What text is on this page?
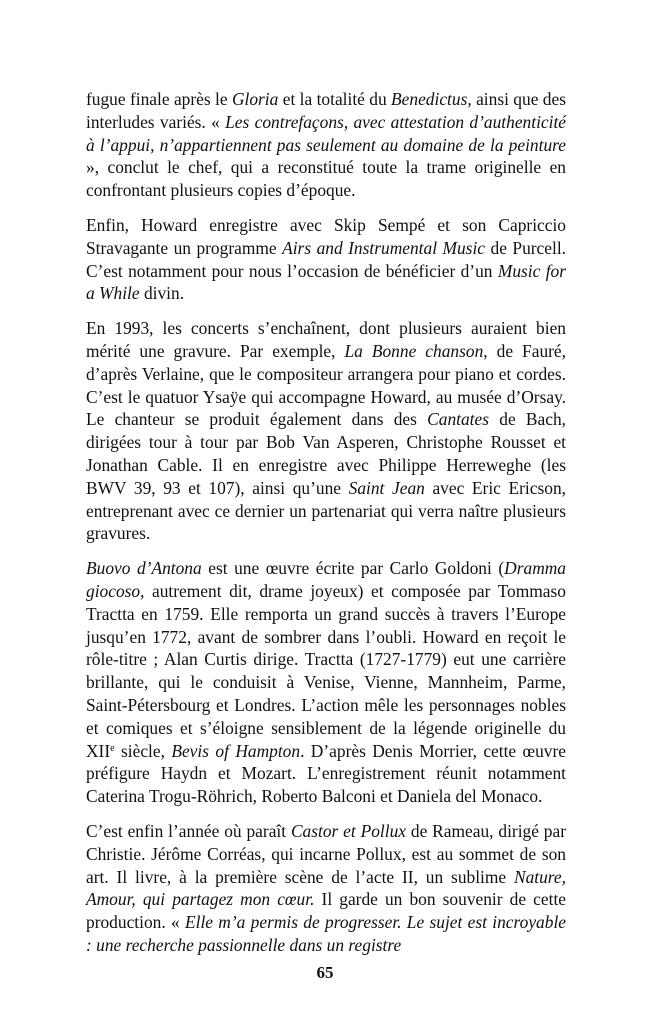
fugue finale après le Gloria et la totalité du Benedictus, ainsi que des interludes variés. « Les contrefaçons, avec attestation d’authenticité à l’appui, n’appartiennent pas seulement au domaine de la peinture », conclut le chef, qui a reconstitué toute la trame originelle en confrontant plusieurs copies d’époque.

Enfin, Howard enregistre avec Skip Sempé et son Capriccio Stravagante un programme Airs and Instrumental Music de Purcell. C’est notamment pour nous l’occasion de bénéficier d’un Music for a While divin.

En 1993, les concerts s’enchaînent, dont plusieurs auraient bien mérité une gravure. Par exemple, La Bonne chanson, de Fauré, d’après Verlaine, que le compositeur arrangera pour piano et cordes. C’est le quatuor Ysaÿe qui accompagne Howard, au musée d’Orsay. Le chanteur se produit également dans des Cantates de Bach, dirigées tour à tour par Bob Van Asperen, Christophe Rousset et Jonathan Cable. Il en enregistre avec Philippe Herreweghe (les BWV 39, 93 et 107), ainsi qu’une Saint Jean avec Eric Ericson, entreprenant avec ce dernier un partenariat qui verra naître plusieurs gravures.

Buovo d’Antona est une œuvre écrite par Carlo Goldoni (Dramma giocoso, autrement dit, drame joyeux) et composée par Tommaso Tractta en 1759. Elle remporta un grand succès à travers l’Europe jusqu’en 1772, avant de sombrer dans l’oubli. Howard en reçoit le rôle-titre ; Alan Curtis dirige. Tractta (1727-1779) eut une carrière brillante, qui le conduisit à Venise, Vienne, Mannheim, Parme, Saint-Pétersbourg et Londres. L’action mêle les personnages nobles et comiques et s’éloigne sensiblement de la légende originelle du XIIe siècle, Bevis of Hampton. D’après Denis Morrier, cette œuvre préfigure Haydn et Mozart. L’enregistrement réunit notamment Caterina Trogu-Röhrich, Roberto Balconi et Daniela del Monaco.

C’est enfin l’année où paraît Castor et Pollux de Rameau, dirigé par Christie. Jérôme Corréas, qui incarne Pollux, est au sommet de son art. Il livre, à la première scène de l’acte II, un sublime Nature, Amour, qui partagez mon cœur. Il garde un bon souvenir de cette production. « Elle m’a permis de progresser. Le sujet est incroyable : une recherche passionnelle dans un registre

65
